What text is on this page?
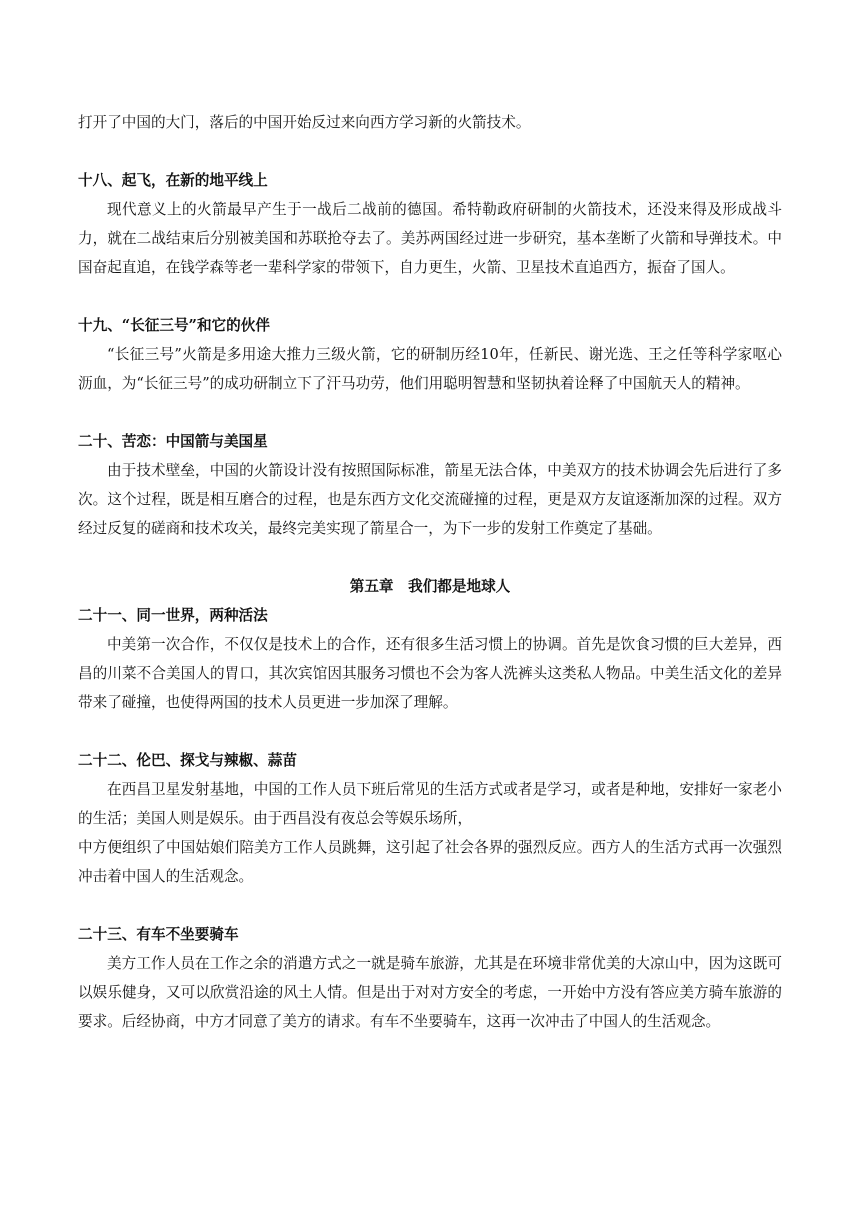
打开了中国的大门，落后的中国开始反过来向西方学习新的火箭技术。

十八、起飞，在新的地平线上

现代意义上的火箭最早产生于一战后二战前的德国。希特勒政府研制的火箭技术，还没来得及形成战斗力，就在二战结束后分别被美国和苏联抢夺去了。美苏两国经过进一步研究，基本垄断了火箭和导弹技术。中国奋起直追，在钱学森等老一辈科学家的带领下，自力更生，火箭、卫星技术直追西方，振奋了国人。

十九、“长征三号”和它的伙伴

“长征三号”火箭是多用途大推力三级火箭，它的研制历经10年，任新民、谢光选、王之任等科学家呕心沥血，为“长征三号”的成功研制立下了汗马功劳，他们用聪明智慧和坚韧执着诠释了中国航天人的精神。

二十、苦恋：中国箭与美国星

由于技术壁垒，中国的火箭设计没有按照国际标准，箭星无法合体，中美双方的技术协调会先后进行了多次。这个过程，既是相互磨合的过程，也是东西方文化交流碰撞的过程，更是双方友谊逐渐加深的过程。双方经过反复的磋商和技术攻关，最终完美实现了箭星合一，为下一步的发射工作奠定了基础。

第五章　我们都是地球人

二十一、同一世界，两种活法

中美第一次合作，不仅仅是技术上的合作，还有很多生活习惯上的协调。首先是饮食习惯的巨大差异，西昌的川菜不合美国人的胃口，其次宾馆因其服务习惯也不会为客人洗裤头这类私人物品。中美生活文化的差异带来了碰撞，也使得两国的技术人员更进一步加深了理解。

二十二、伦巴、探戈与辣椒、蒜苗

在西昌卫星发射基地，中国的工作人员下班后常见的生活方式或者是学习，或者是种地，安排好一家老小的生活；美国人则是娱乐。由于西昌没有夜总会等娱乐场所，

中方便组织了中国姑娘们陪美方工作人员跳舞，这引起了社会各界的强烈反应。西方人的生活方式再一次强烈冲击着中国人的生活观念。

二十三、有车不坐要骑车

美方工作人员在工作之余的消遣方式之一就是骑车旅游，尤其是在环境非常优美的大凉山中，因为这既可以娱乐健身，又可以欣赏沿途的风土人情。但是出于对对方安全的考虑，一开始中方没有答应美方骑车旅游的要求。后经协商，中方才同意了美方的请求。有车不坐要骑车，这再一次冲击了中国人的生活观念。
